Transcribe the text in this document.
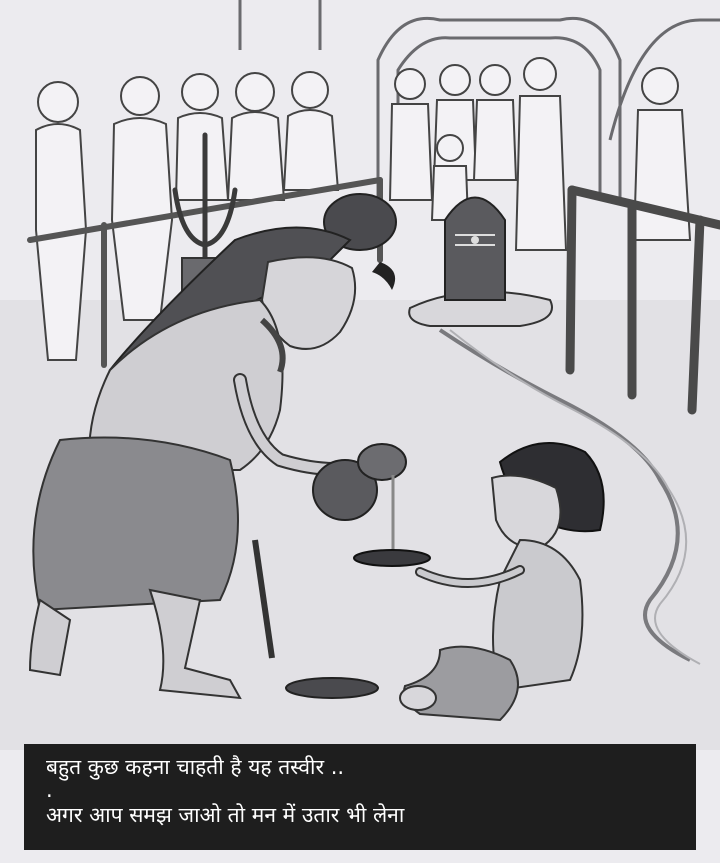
बहुत कुछ कहना चाहती है यह तस्वीर ..
.
अगर आप समझ जाओ तो मन में उतार भी लेना
